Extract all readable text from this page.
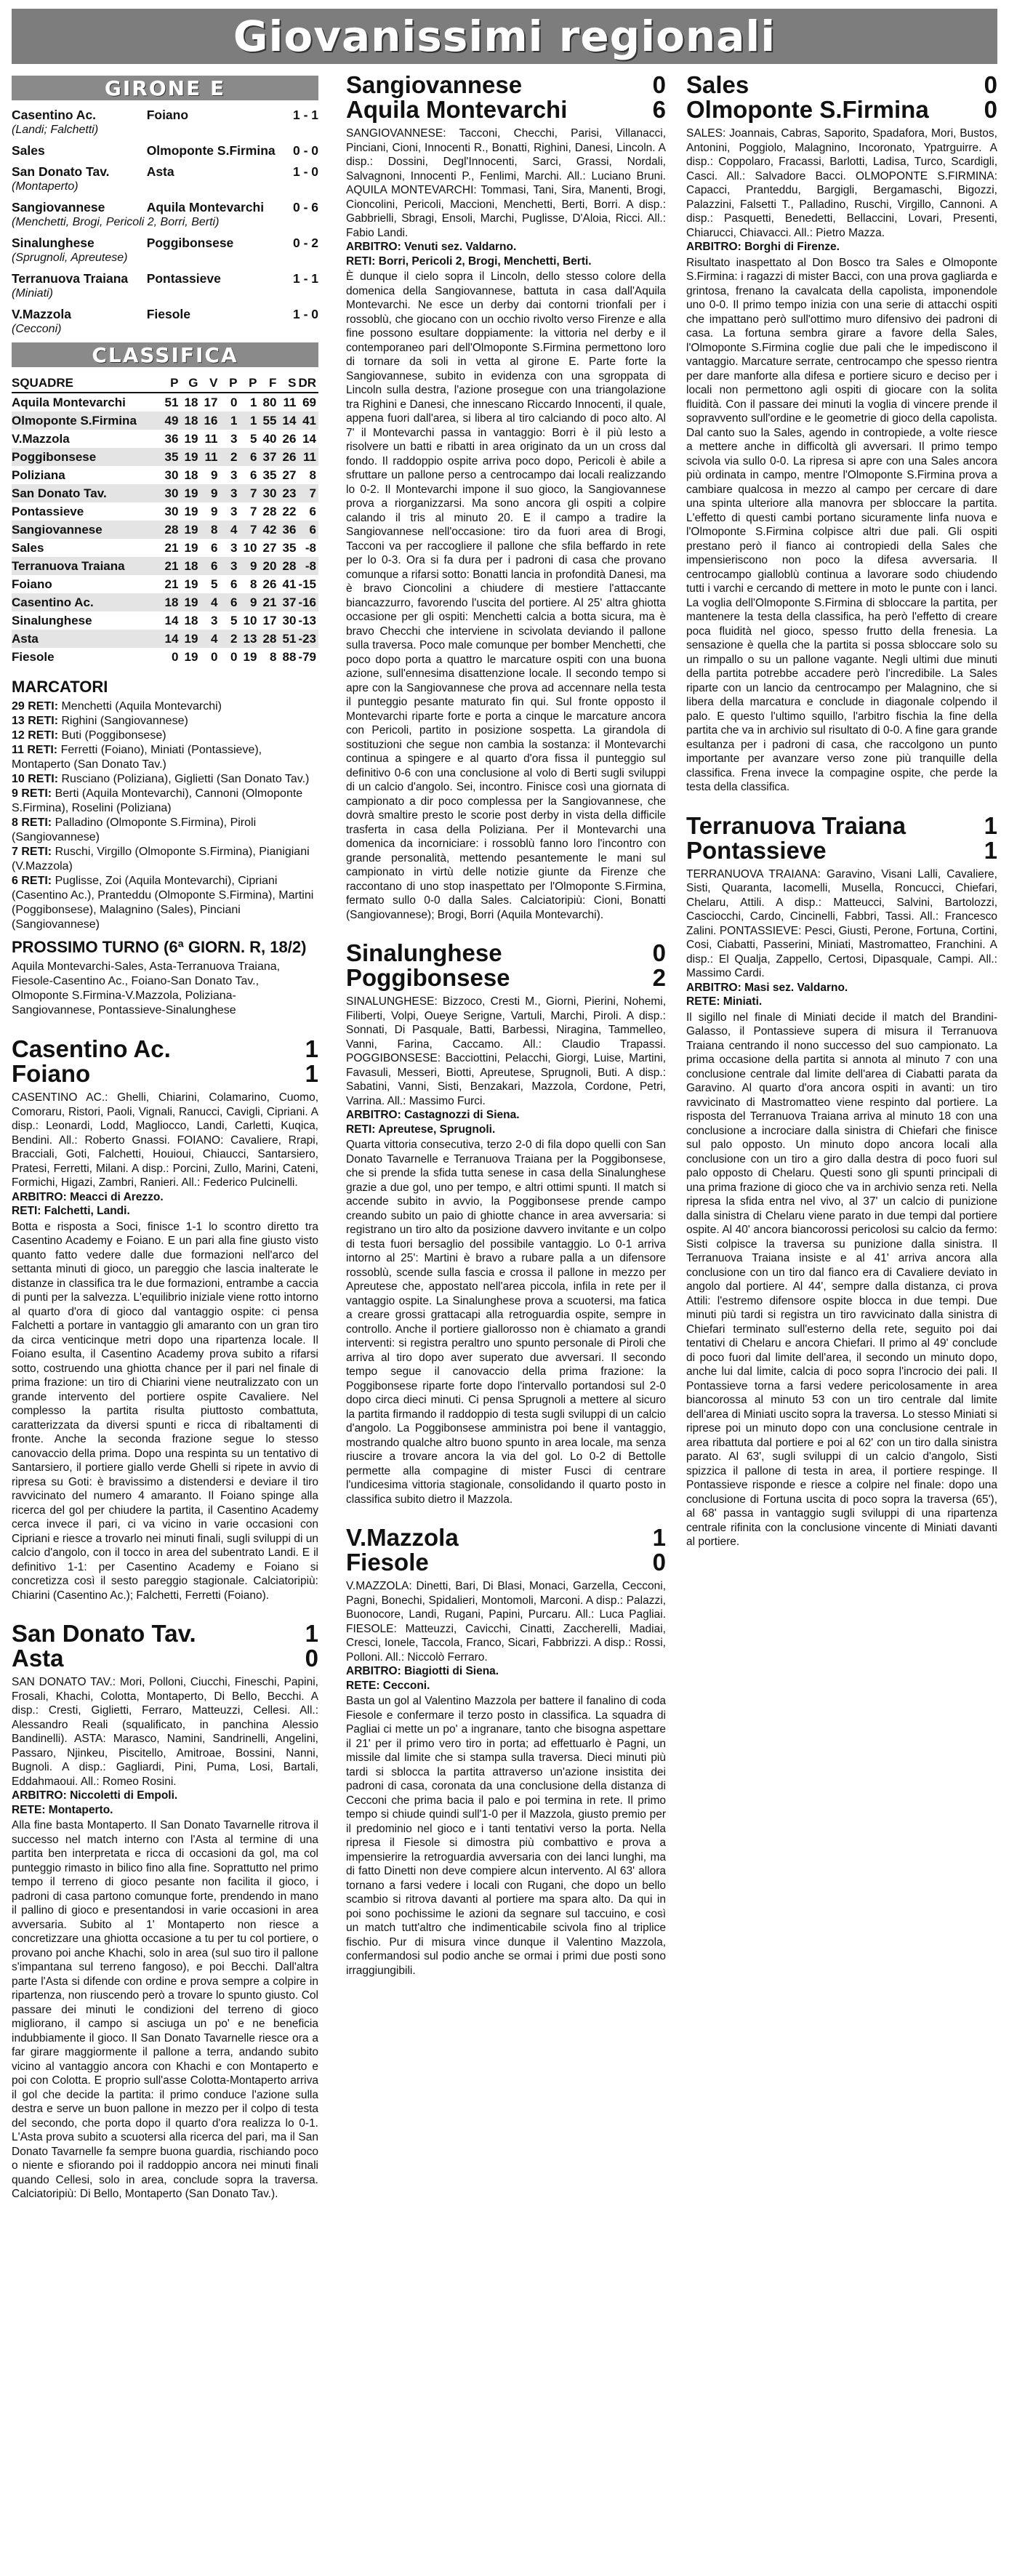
Giovanissimi regionali
GIRONE E
Casentino Ac.	Foiano	1 - 1
(Landi; Falchetti)
Sales	Olmoponte S.Firmina	0 - 0
San Donato Tav.	Asta	1 - 0
(Montaperto)
Sangiovannese	Aquila Montevarchi	0 - 6
(Menchetti, Brogi, Pericoli 2, Borri, Berti)
Sinalunghese	Poggibonsese	0 - 2
(Sprugnoli, Apreutese)
Terranuova Traiana	Pontassieve	1 - 1
(Miniati)
V.Mazzola	Fiesole	1 - 0
(Cecconi)
CLASSIFICA
SQUADRE	P	G	V	P	P	F	S	DR
Aquila Montevarchi	51	18	17	0	1	80	11	69
Olmoponte S.Firmina	49	18	16	1	1	55	14	41
V.Mazzola	36	19	11	3	5	40	26	14
Poggibonsese	35	19	11	2	6	37	26	11
Poliziana	30	18	9	3	6	35	27	8
San Donato Tav.	30	19	9	3	7	30	23	7
Pontassieve	30	19	9	3	7	28	22	6
Sangiovannese	28	19	8	4	7	42	36	6
Sales	21	19	6	3	10	27	35	-8
Terranuova Traiana	21	18	6	3	9	20	28	-8
Foiano	21	19	5	6	8	26	41	-15
Casentino Ac.	18	19	4	6	9	21	37	-16
Sinalunghese	14	18	3	5	10	17	30	-13
Asta	14	19	4	2	13	28	51	-23
Fiesole	0	19	0	0	19	8	88	-79
MARCATORI

29 RETI: Menchetti (Aquila Montevarchi)

13 RETI: Righini (Sangiovannese)

12 RETI: Buti (Poggibonsese)

11 RETI: Ferretti (Foiano), Miniati (Pontassieve), Montaperto (San Donato Tav.)

10 RETI: Rusciano (Poliziana), Giglietti (San Donato Tav.)

9 RETI: Berti (Aquila Montevarchi), Cannoni (Olmoponte S.Firmina), Roselini (Poliziana)

8 RETI: Palladino (Olmoponte S.Firmina), Piroli (Sangiovannese)

7 RETI: Ruschi, Virgillo (Olmoponte S.Firmina), Pianigiani (V.Mazzola)

6 RETI: Puglisse, Zoi (Aquila Montevarchi), Cipriani (Casentino Ac.), Pranteddu (Olmoponte S.Firmina), Martini (Poggibonsese), Malagnino (Sales), Pinciani (Sangiovannese)

PROSSIMO TURNO (6ª GIORN. R, 18/2)

Aquila Montevarchi-Sales, Asta-Terranuova Traiana, Fiesole-Casentino Ac., Foiano-San Donato Tav., Olmoponte S.Firmina-V.Mazzola, Poliziana-Sangiovannese, Pontassieve-Sinalunghese

Casentino Ac.	1
Foiano	1

CASENTINO AC.: Ghelli, Chiarini, Colamarino, Cuomo, Comoraru, Ristori, Paoli, Vignali, Ranucci, Cavigli, Cipriani. A disp.: Leonardi, Lodd, Magliocco, Landi, Carletti, Kuqica, Bendini. All.: Roberto Gnassi. FOIANO: Cavaliere, Rrapi, Bracciali, Goti, Falchetti, Houioui, Chiaucci, Santarsiero, Pratesi, Ferretti, Milani. A disp.: Porcini, Zullo, Marini, Cateni, Formichi, Higazi, Zambri, Ranieri. All.: Federico Pulcinelli.

ARBITRO: Meacci di Arezzo.

RETI: Falchetti, Landi.

Botta e risposta a Soci, finisce 1-1 lo scontro diretto tra Casentino Academy e Foiano. E un pari alla fine giusto visto quanto fatto vedere dalle due formazioni nell'arco del settanta minuti di gioco, un pareggio che lascia inalterate le distanze in classifica tra le due formazioni, entrambe a caccia di punti per la salvezza. L'equilibrio iniziale viene rotto intorno al quarto d'ora di gioco dal vantaggio ospite: ci pensa Falchetti a portare in vantaggio gli amaranto con un gran tiro da circa venticinque metri dopo una ripartenza locale. Il Foiano esulta, il Casentino Academy prova subito a rifarsi sotto, costruendo una ghiotta chance per il pari nel finale di prima frazione: un tiro di Chiarini viene neutralizzato con un grande intervento del portiere ospite Cavaliere. Nel complesso la partita risulta piuttosto combattuta, caratterizzata da diversi spunti e ricca di ribaltamenti di fronte. Anche la seconda frazione segue lo stesso canovaccio della prima. Dopo una respinta su un tentativo di Santarsiero, il portiere giallo verde Ghelli si ripete in avvio di ripresa su Goti: è bravissimo a distendersi e deviare il tiro ravvicinato del numero 4 amaranto. Il Foiano spinge alla ricerca del gol per chiudere la partita, il Casentino Academy cerca invece il pari, ci va vicino in varie occasioni con Cipriani e riesce a trovarlo nei minuti finali, sugli sviluppi di un calcio d'angolo, con il tocco in area del subentrato Landi. E il definitivo 1-1: per Casentino Academy e Foiano si concretizza così il sesto pareggio stagionale. Calciatoripiù: Chiarini (Casentino Ac.); Falchetti, Ferretti (Foiano).

San Donato Tav.	1
Asta	0

SAN DONATO TAV.: Mori, Polloni, Ciucchi, Fineschi, Papini, Frosali, Khachi, Colotta, Montaperto, Di Bello, Becchi. A disp.: Cresti, Giglietti, Ferraro, Matteuzzi, Cellesi. All.: Alessandro Reali (squalificato, in panchina Alessio Bandinelli). ASTA: Marasco, Namini, Sandrinelli, Angelini, Passaro, Njinkeu, Piscitello, Amitroae, Bossini, Nanni, Bugnoli. A disp.: Gagliardi, Pini, Puma, Losi, Bartali, Eddahmaoui. All.: Romeo Rosini.

ARBITRO: Niccoletti di Empoli.

RETE: Montaperto.

Alla fine basta Montaperto. Il San Donato Tavarnelle ritrova il successo nel match interno con l'Asta al termine di una partita ben interpretata e ricca di occasioni da gol, ma col punteggio rimasto in bilico fino alla fine. Soprattutto nel primo tempo il terreno di gioco pesante non facilita il gioco, i padroni di casa partono comunque forte, prendendo in mano il pallino di gioco e presentandosi in varie occasioni in area avversaria. Subito al 1' Montaperto non riesce a concretizzare una ghiotta occasione a tu per tu col portiere, o provano poi anche Khachi, solo in area (sul suo tiro il pallone s'impantana sul terreno fangoso), e poi Becchi. Dall'altra parte l'Asta si difende con ordine e prova sempre a colpire in ripartenza, non riuscendo però a trovare lo spunto giusto. Col passare dei minuti le condizioni del terreno di gioco migliorano, il campo si asciuga un po' e ne beneficia indubbiamente il gioco. Il San Donato Tavarnelle riesce ora a far girare maggiormente il pallone a terra, andando subito vicino al vantaggio ancora con Khachi e con Montaperto e poi con Colotta. E proprio sull'asse Colotta-Montaperto arriva il gol che decide la partita: il primo conduce l'azione sulla destra e serve un buon pallone in mezzo per il colpo di testa del secondo, che porta dopo il quarto d'ora realizza lo 0-1. L'Asta prova subito a scuotersi alla ricerca del pari, ma il San Donato Tavarnelle fa sempre buona guardia, rischiando poco o niente e sfiorando poi il raddoppio ancora nei minuti finali quando Cellesi, solo in area, conclude sopra la traversa. Calciatoripiù: Di Bello, Montaperto (San Donato Tav.).

Sangiovannese	0
Aquila Montevarchi	6

SANGIOVANNESE: Tacconi, Checchi, Parisi, Villanacci, Pinciani, Cioni, Innocenti R., Bonatti, Righini, Danesi, Lincoln. A disp.: Dossini, Degl'Innocenti, Sarci, Grassi, Nordali, Salvagnoni, Innocenti P., Fenlimi, Marchi. All.: Luciano Bruni. AQUILA MONTEVARCHI: Tommasi, Tani, Sira, Manenti, Brogi, Cioncolini, Pericoli, Maccioni, Menchetti, Berti, Borri. A disp.: Gabbrielli, Sbragi, Ensoli, Marchi, Puglisse, D'Aloia, Ricci. All.: Fabio Landi.

ARBITRO: Venuti sez. Valdarno.

RETI: Borri, Pericoli 2, Brogi, Menchetti, Berti.

È dunque il cielo sopra il Lincoln, dello stesso colore della domenica della Sangiovannese, battuta in casa dall'Aquila Montevarchi. Ne esce un derby dai contorni trionfali per i rossoblù, che giocano con un occhio rivolto verso Firenze e alla fine possono esultare doppiamente: la vittoria nel derby e il contemporaneo pari dell'Olmoponte S.Firmina permettono loro di tornare da soli in vetta al girone E. Parte forte la Sangiovannese, subito in evidenza con una sgroppata di Lincoln sulla destra, l'azione prosegue con una triangolazione tra Righini e Danesi, che innescano Riccardo Innocenti, il quale, appena fuori dall'area, si libera al tiro calciando di poco alto. Al 7' il Montevarchi passa in vantaggio: Borri è il più lesto a risolvere un batti e ribatti in area originato da un un cross dal fondo. Il raddoppio ospite arriva poco dopo, Pericoli è abile a sfruttare un pallone perso a centrocampo dai locali realizzando lo 0-2. Il Montevarchi impone il suo gioco, la Sangiovannese prova a riorganizzarsi. Ma sono ancora gli ospiti a colpire calando il tris al minuto 20. E il campo a tradire la Sangiovannese nell'occasione: tiro da fuori area di Brogi, Tacconi va per raccogliere il pallone che sfila beffardo in rete per lo 0-3. Ora si fa dura per i padroni di casa che provano comunque a rifarsi sotto: Bonatti lancia in profondità Danesi, ma è bravo Cioncolini a chiudere di mestiere l'attaccante biancazzurro, favorendo l'uscita del portiere. Al 25' altra ghiotta occasione per gli ospiti: Menchetti calcia a botta sicura, ma è bravo Checchi che interviene in scivolata deviando il pallone sulla traversa. Poco male comunque per bomber Menchetti, che poco dopo porta a quattro le marcature ospiti con una buona azione, sull'ennesima disattenzione locale. Il secondo tempo si apre con la Sangiovannese che prova ad accennare nella testa il punteggio pesante maturato fin qui. Sul fronte opposto il Montevarchi riparte forte e porta a cinque le marcature ancora con Pericoli, partito in posizione sospetta. La girandola di sostituzioni che segue non cambia la sostanza: il Montevarchi continua a spingere e al quarto d'ora fissa il punteggio sul definitivo 0-6 con una conclusione al volo di Berti sugli sviluppi di un calcio d'angolo. Sei, incontro. Finisce così una giornata di campionato a dir poco complessa per la Sangiovannese, che dovrà smaltire presto le scorie post derby in vista della difficile trasferta in casa della Poliziana. Per il Montevarchi una domenica da incorniciare: i rossoblù fanno loro l'incontro con grande personalità, mettendo pesantemente le mani sul campionato in virtù delle notizie giunte da Firenze che raccontano di uno stop inaspettato per l'Olmoponte S.Firmina, fermato sullo 0-0 dalla Sales. Calciatoripiù: Cioni, Bonatti (Sangiovannese); Brogi, Borri (Aquila Montevarchi).

Sinalunghese	0
Poggibonsese	2

SINALUNGHESE: Bizzoco, Cresti M., Giorni, Pierini, Nohemi, Filiberti, Volpi, Oueye Serigne, Vartuli, Marchi, Piroli. A disp.: Sonnati, Di Pasquale, Batti, Barbessi, Niragina, Tammelleo, Vanni, Farina, Caccamo. All.: Claudio Trapassi. POGGIBONSESE: Bacciottini, Pelacchi, Giorgi, Luise, Martini, Favasuli, Messeri, Biotti, Apreutese, Sprugnoli, Buti. A disp.: Sabatini, Vanni, Sisti, Benzakari, Mazzola, Cordone, Petri, Varrina. All.: Massimo Furci.

ARBITRO: Castagnozzi di Siena.

RETI: Apreutese, Sprugnoli.

Quarta vittoria consecutiva, terzo 2-0 di fila dopo quelli con San Donato Tavarnelle e Terranuova Traiana per la Poggibonsese, che si prende la sfida tutta senese in casa della Sinalunghese grazie a due gol, uno per tempo, e altri ottimi spunti. Il match si accende subito in avvio, la Poggibonsese prende campo creando subito un paio di ghiotte chance in area avversaria: si registrano un tiro alto da posizione davvero invitante e un colpo di testa fuori bersaglio del possibile vantaggio. Lo 0-1 arriva intorno al 25': Martini è bravo a rubare palla a un difensore rossoblù, scende sulla fascia e crossa il pallone in mezzo per Apreutese che, appostato nell'area piccola, infila in rete per il vantaggio ospite. La Sinalunghese prova a scuotersi, ma fatica a creare grossi grattacapi alla retroguardia ospite, sempre in controllo. Anche il portiere giallorosso non è chiamato a grandi interventi: si registra peraltro uno spunto personale di Piroli che arriva al tiro dopo aver superato due avversari. Il secondo tempo segue il canovaccio della prima frazione: la Poggibonsese riparte forte dopo l'intervallo portandosi sul 2-0 dopo circa dieci minuti. Ci pensa Sprugnoli a mettere al sicuro la partita firmando il raddoppio di testa sugli sviluppi di un calcio d'angolo. La Poggibonsese amministra poi bene il vantaggio, mostrando qualche altro buono spunto in area locale, ma senza riuscire a trovare ancora la via del gol. Lo 0-2 di Bettolle permette alla compagine di mister Fusci di centrare l'undicesima vittoria stagionale, consolidando il quarto posto in classifica subito dietro il Mazzola.

V.Mazzola	1
Fiesole	0

V.MAZZOLA: Dinetti, Bari, Di Blasi, Monaci, Garzella, Cecconi, Pagni, Bonechi, Spidalieri, Montomoli, Marconi. A disp.: Palazzi, Buonocore, Landi, Rugani, Papini, Purcaru. All.: Luca Pagliai. FIESOLE: Matteuzzi, Cavicchi, Cinatti, Zaccherelli, Madiai, Cresci, Ionele, Taccola, Franco, Sicari, Fabbrizzi. A disp.: Rossi, Polloni. All.: Niccolò Ferraro.

ARBITRO: Biagiotti di Siena.

RETE: Cecconi.

Basta un gol al Valentino Mazzola per battere il fanalino di coda Fiesole e confermare il terzo posto in classifica. La squadra di Pagliai ci mette un po' a ingranare, tanto che bisogna aspettare il 21' per il primo vero tiro in porta; ad effettuarlo è Pagni, un missile dal limite che si stampa sulla traversa. Dieci minuti più tardi si sblocca la partita attraverso un'azione insistita dei padroni di casa, coronata da una conclusione della distanza di Cecconi che prima bacia il palo e poi termina in rete. Il primo tempo si chiude quindi sull'1-0 per il Mazzola, giusto premio per il predominio nel gioco e i tanti tentativi verso la porta. Nella ripresa il Fiesole si dimostra più combattivo e prova a impensierire la retroguardia avversaria con dei lanci lunghi, ma di fatto Dinetti non deve compiere alcun intervento. Al 63' allora tornano a farsi vedere i locali con Rugani, che dopo un bello scambio si ritrova davanti al portiere ma spara alto. Da qui in poi sono pochissime le azioni da segnare sul taccuino, e così un match tutt'altro che indimenticabile scivola fino al triplice fischio. Pur di misura vince dunque il Valentino Mazzola, confermandosi sul podio anche se ormai i primi due posti sono irraggiungibili.

Sales	0
Olmoponte S.Firmina 0

SALES: Joannais, Cabras, Saporito, Spadafora, Mori, Bustos, Antonini, Poggiolo, Malagnino, Incoronato, Ypatrguirre. A disp.: Coppolaro, Fracassi, Barlotti, Ladisa, Turco, Scardigli, Casci. All.: Salvadore Bacci. OLMOPONTE S.FIRMINA: Capacci, Pranteddu, Bargigli, Bergamaschi, Bigozzi, Palazzini, Falsetti T., Palladino, Ruschi, Virgillo, Cannoni. A disp.: Pasquetti, Benedetti, Bellaccini, Lovari, Presenti, Chiarucci, Chiavacci. All.: Pietro Mazza.

ARBITRO: Borghi di Firenze.

Risultato inaspettato al Don Bosco tra Sales e Olmoponte S.Firmina: i ragazzi di mister Bacci, con una prova gagliarda e grintosa, frenano la cavalcata della capolista, imponendole uno 0-0. Il primo tempo inizia con una serie di attacchi ospiti che impattano però sull'ottimo muro difensivo dei padroni di casa. La fortuna sembra girare a favore della Sales, l'Olmoponte S.Firmina coglie due pali che le impediscono il vantaggio. Marcature serrate, centrocampo che spesso rientra per dare manforte alla difesa e portiere sicuro e deciso per i locali non permettono agli ospiti di giocare con la solita fluidità. Con il passare dei minuti la voglia di vincere prende il sopravvento sull'ordine e le geometrie di gioco della capolista. Dal canto suo la Sales, agendo in contropiede, a volte riesce a mettere anche in difficoltà gli avversari. Il primo tempo scivola via sullo 0-0. La ripresa si apre con una Sales ancora più ordinata in campo, mentre l'Olmoponte S.Firmina prova a cambiare qualcosa in mezzo al campo per cercare di dare una spinta ulteriore alla manovra per sbloccare la partita. L'effetto di questi cambi portano sicuramente linfa nuova e l'Olmoponte S.Firmina colpisce altri due pali. Gli ospiti prestano però il fianco ai contropiedi della Sales che impensieriscono non poco la difesa avversaria. Il centrocampo gialloblù continua a lavorare sodo chiudendo tutti i varchi e cercando di mettere in moto le punte con i lanci. La voglia dell'Olmoponte S.Firmina di sbloccare la partita, per mantenere la testa della classifica, ha però l'effetto di creare poca fluidità nel gioco, spesso frutto della frenesia. La sensazione è quella che la partita si possa sbloccare solo su un rimpallo o su un pallone vagante. Negli ultimi due minuti della partita potrebbe accadere però l'incredibile. La Sales riparte con un lancio da centrocampo per Malagnino, che si libera della marcatura e conclude in diagonale colpendo il palo. E questo l'ultimo squillo, l'arbitro fischia la fine della partita che va in archivio sul risultato di 0-0. A fine gara grande esultanza per i padroni di casa, che raccolgono un punto importante per avanzare verso zone più tranquille della classifica. Frena invece la compagine ospite, che perde la testa della classifica.

Terranuova Traiana	1
Pontassieve	1

TERRANUOVA TRAIANA: Garavino, Visani Lalli, Cavaliere, Sisti, Quaranta, Iacomelli, Musella, Roncucci, Chiefari, Chelaru, Attili. A disp.: Matteucci, Salvini, Bartolozzi, Casciocchi, Cardo, Cincinelli, Fabbri, Tassi. All.: Francesco Zalini. PONTASSIEVE: Pesci, Giusti, Perone, Fortuna, Cortini, Cosi, Ciabatti, Passerini, Miniati, Mastromatteo, Franchini. A disp.: El Qualja, Zappello, Certosi, Dipasquale, Campi. All.: Massimo Cardi.

ARBITRO: Masi sez. Valdarno.

RETE: Miniati.

Il sigillo nel finale di Miniati decide il match del Brandini-Galasso, il Pontassieve supera di misura il Terranuova Traiana centrando il nono successo del suo campionato. La prima occasione della partita si annota al minuto 7 con una conclusione centrale dal limite dell'area di Ciabatti parata da Garavino. Al quarto d'ora ancora ospiti in avanti: un tiro ravvicinato di Mastromatteo viene respinto dal portiere. La risposta del Terranuova Traiana arriva al minuto 18 con una conclusione a incrociare dalla sinistra di Chiefari che finisce sul palo opposto. Un minuto dopo ancora locali alla conclusione con un tiro a giro dalla destra di poco fuori sul palo opposto di Chelaru. Questi sono gli spunti principali di una prima frazione di gioco che va in archivio senza reti. Nella ripresa la sfida entra nel vivo, al 37' un calcio di punizione dalla sinistra di Chelaru viene parato in due tempi dal portiere ospite. Al 40' ancora biancorossi pericolosi su calcio da fermo: Sisti colpisce la traversa su punizione dalla sinistra. Il Terranuova Traiana insiste e al 41' arriva ancora alla conclusione con un tiro dal fianco era di Cavaliere deviato in angolo dal portiere. Al 44', sempre dalla distanza, ci prova Attili: l'estremo difensore ospite blocca in due tempi. Due minuti più tardi si registra un tiro ravvicinato dalla sinistra di Chiefari terminato sull'esterno della rete, seguito poi dai tentativi di Chelaru e ancora Chiefari. Il primo al 49' conclude di poco fuori dal limite dell'area, il secondo un minuto dopo, anche lui dal limite, calcia di poco sopra l'incrocio dei pali. Il Pontassieve torna a farsi vedere pericolosamente in area biancorossa al minuto 53 con un tiro centrale dal limite dell'area di Miniati uscito sopra la traversa. Lo stesso Miniati si riprese poi un minuto dopo con una conclusione centrale in area ribattuta dal portiere e poi al 62' con un tiro dalla sinistra parato. Al 63', sugli sviluppi di un calcio d'angolo, Sisti spizzica il pallone di testa in area, il portiere respinge. Il Pontassieve risponde e riesce a colpire nel finale: dopo una conclusione di Fortuna uscita di poco sopra la traversa (65'), al 68' passa in vantaggio sugli sviluppi di una ripartenza centrale rifinita con la conclusione vincente di Miniati davanti al portiere.
